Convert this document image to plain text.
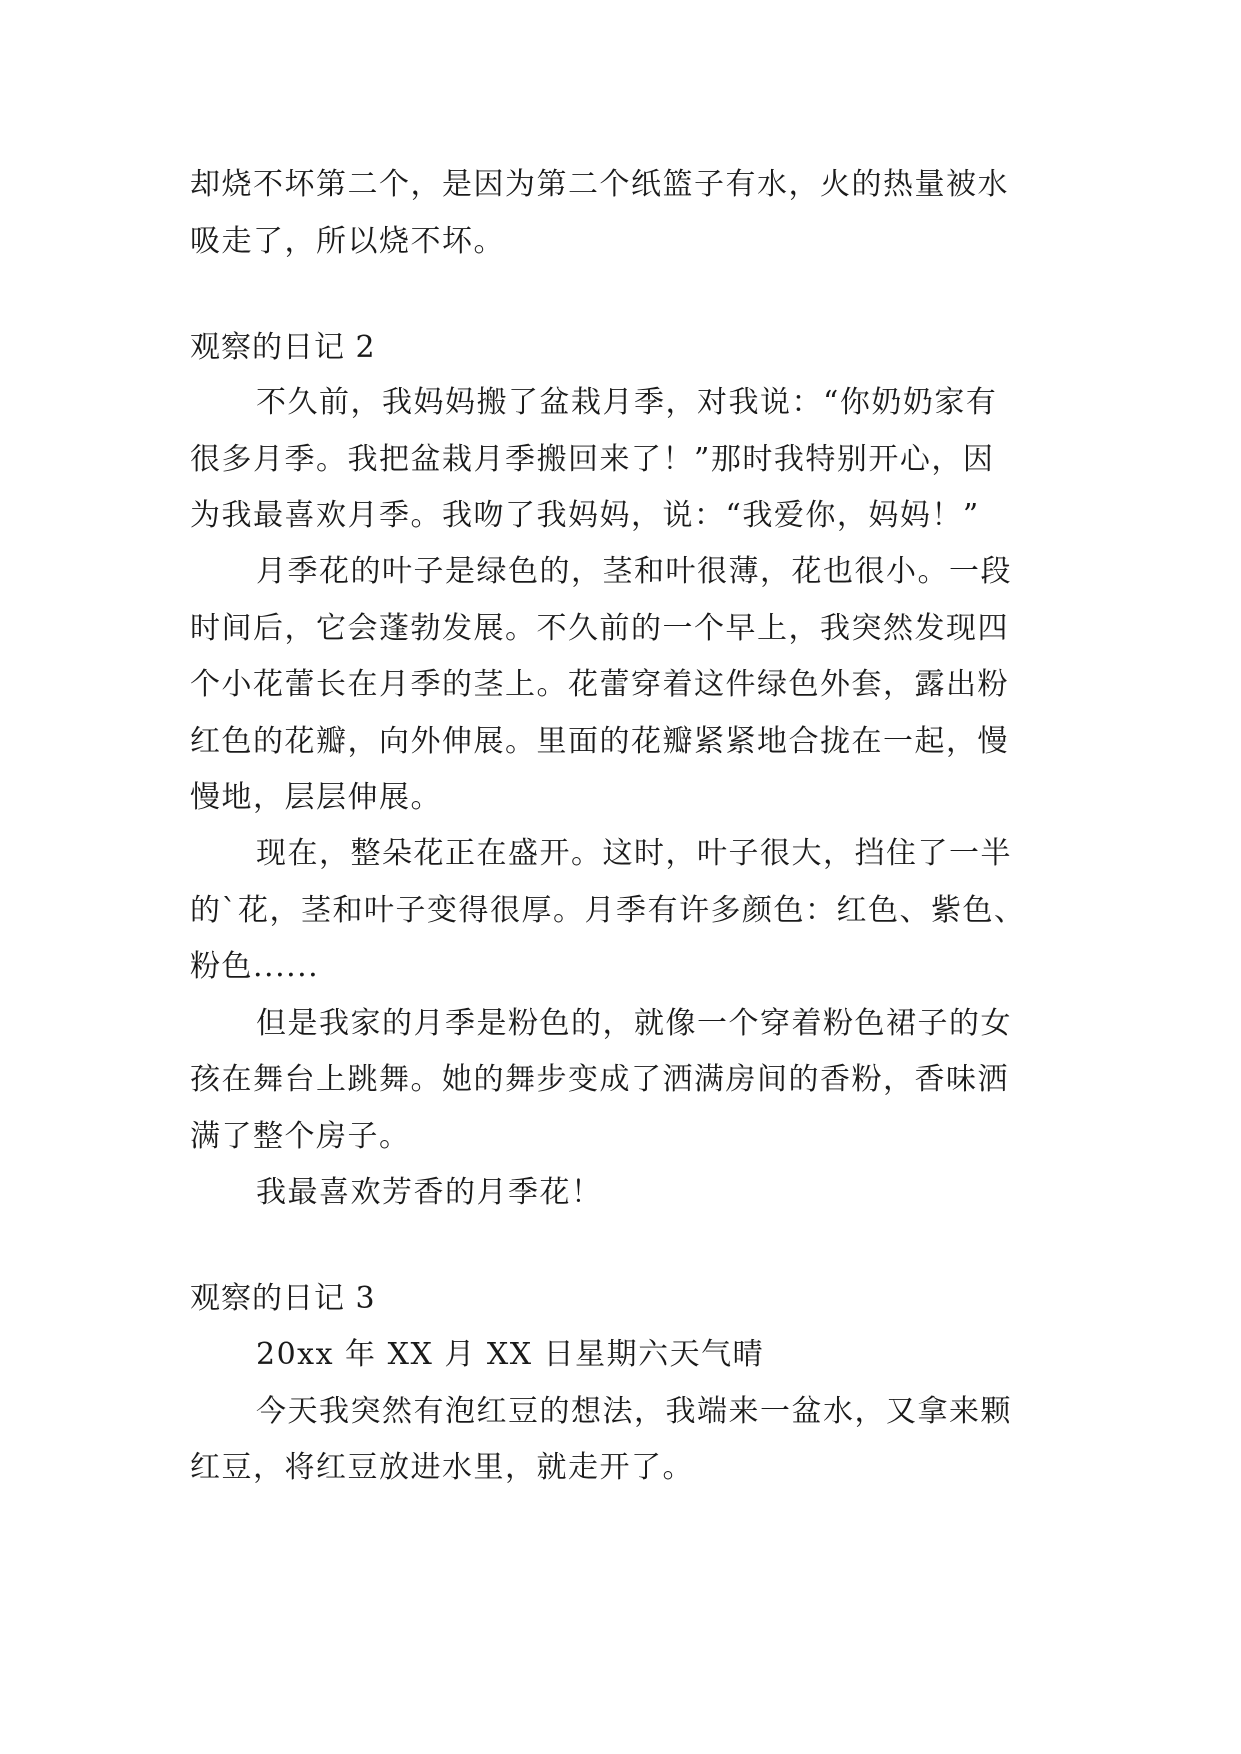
却烧不坏第二个，是因为第二个纸篮子有水，火的热量被水
吸走了，所以烧不坏。
观察的日记 2
不久前，我妈妈搬了盆栽月季，对我说：“你奶奶家有
很多月季。我把盆栽月季搬回来了！”那时我特别开心，因
为我最喜欢月季。我吻了我妈妈，说：“我爱你，妈妈！”
月季花的叶子是绿色的，茎和叶很薄，花也很小。一段
时间后，它会蓬勃发展。不久前的一个早上，我突然发现四
个小花蕾长在月季的茎上。花蕾穿着这件绿色外套，露出粉
红色的花瓣，向外伸展。里面的花瓣紧紧地合拢在一起，慢
慢地，层层伸展。
现在，整朵花正在盛开。这时，叶子很大，挡住了一半
的`花，茎和叶子变得很厚。月季有许多颜色：红色、紫色、
粉色......
但是我家的月季是粉色的，就像一个穿着粉色裙子的女
孩在舞台上跳舞。她的舞步变成了洒满房间的香粉，香味洒
满了整个房子。
我最喜欢芳香的月季花！
观察的日记 3
20xx 年 XX 月 XX 日星期六天气晴
今天我突然有泡红豆的想法，我端来一盆水，又拿来颗
红豆，将红豆放进水里，就走开了。
